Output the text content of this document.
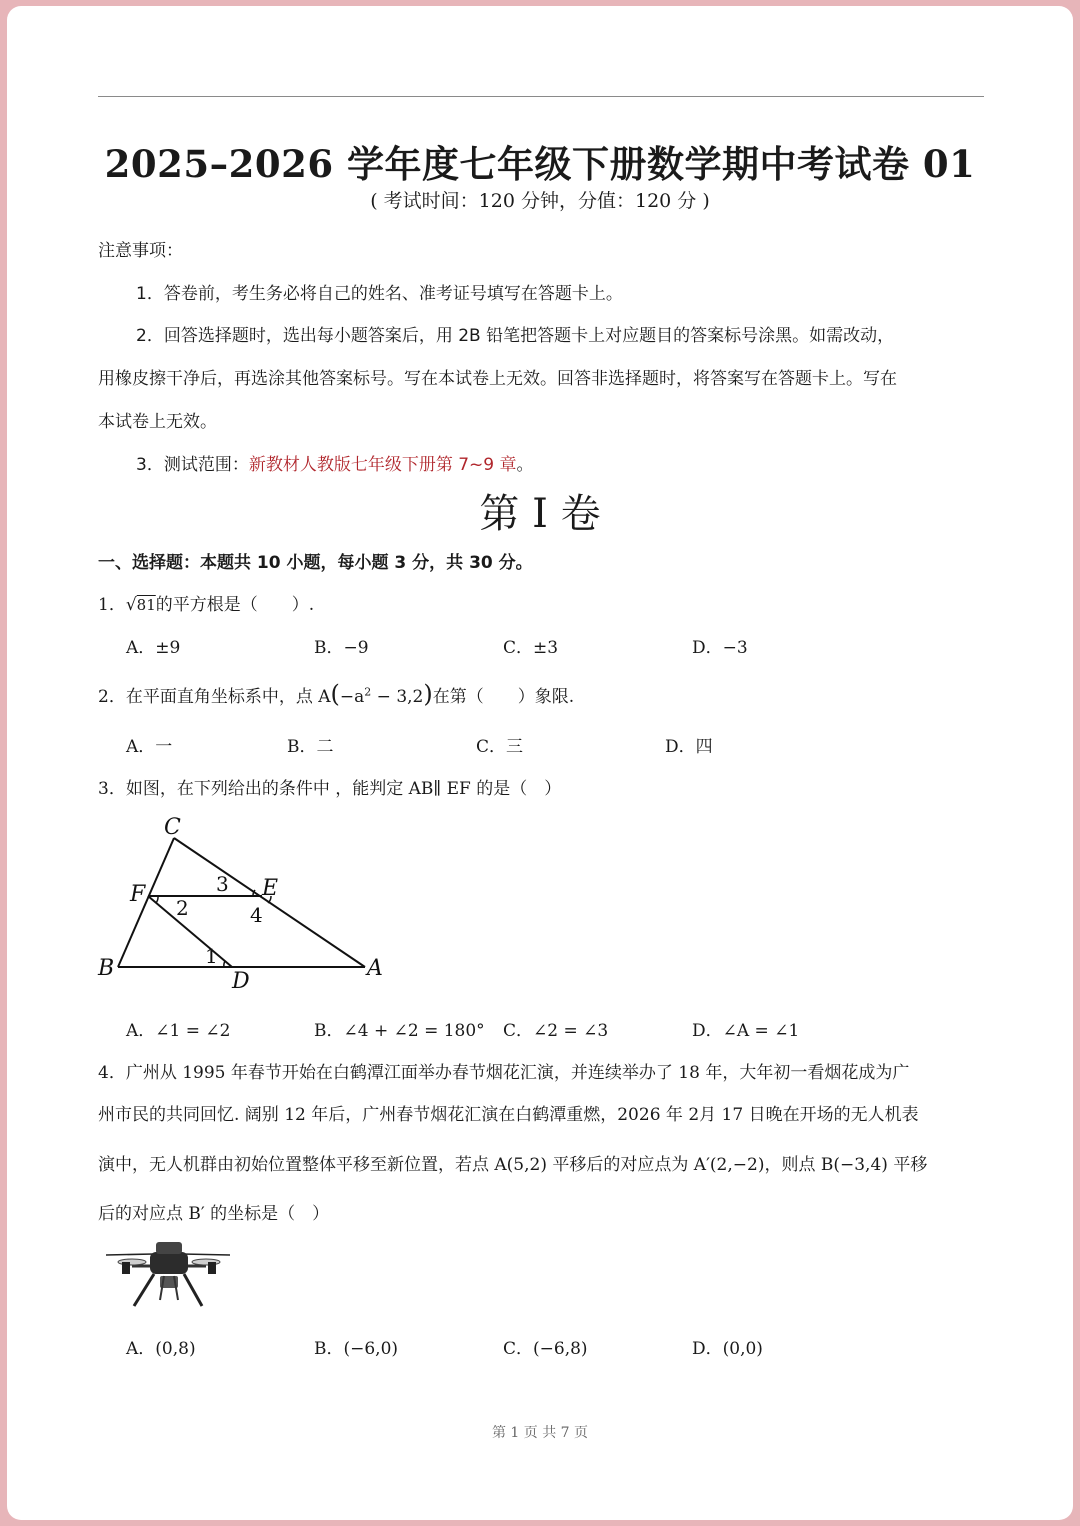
2025–2026 学年度七年级下册数学期中考试卷 01
( 考试时间：120 分钟，分值：120 分 )
注意事项：
1．答卷前，考生务必将自己的姓名、准考证号填写在答题卡上。
2．回答选择题时，选出每小题答案后，用 2B 铅笔把答题卡上对应题目的答案标号涂黑。如需改动，
用橡皮擦干净后，再选涂其他答案标号。写在本试卷上无效。回答非选择题时，将答案写在答题卡上。写在
本试卷上无效。
3．测试范围：新教材人教版七年级下册第 7~9 章。
第 I 卷
一、选择题：本题共 10 小题，每小题 3 分，共 30 分。
1．√81的平方根是（　　）.
A．±9	B．−9	C．±3	D．−3
2．在平面直角坐标系中，点 $A(-a^2 - 3,2)$在第（　　）象限.
A．一	B．二	C．三	D．四
3．如图，在下列给出的条件中 ，能判定 AB∥ EF 的是（　）
C
F	E
B
D
A
1
2
3
4
A．∠1 = ∠2	B．∠4 + ∠2 = 180° C．∠2 = ∠3	D．∠A = ∠1
4．广州从 1995 年春节开始在白鹤潭江面举办春节烟花汇演，并连续举办了 18 年，大年初一看烟花成为广
州市民的共同回忆. 阔别 12 年后，广州春节烟花汇演在白鹤潭重燃，2026 年 2月 17 日晚在开场的无人机表
演中，无人机群由初始位置整体平移至新位置，若点 A(5,2) 平移后的对应点为 A′(2,−2)，则点 B(−3,4) 平移
后的对应点 B′ 的坐标是（　）
A．(0,8)	B．(−6,0)	C．(−6,8)	D．(0,0)
第 1 页 共 7 页
